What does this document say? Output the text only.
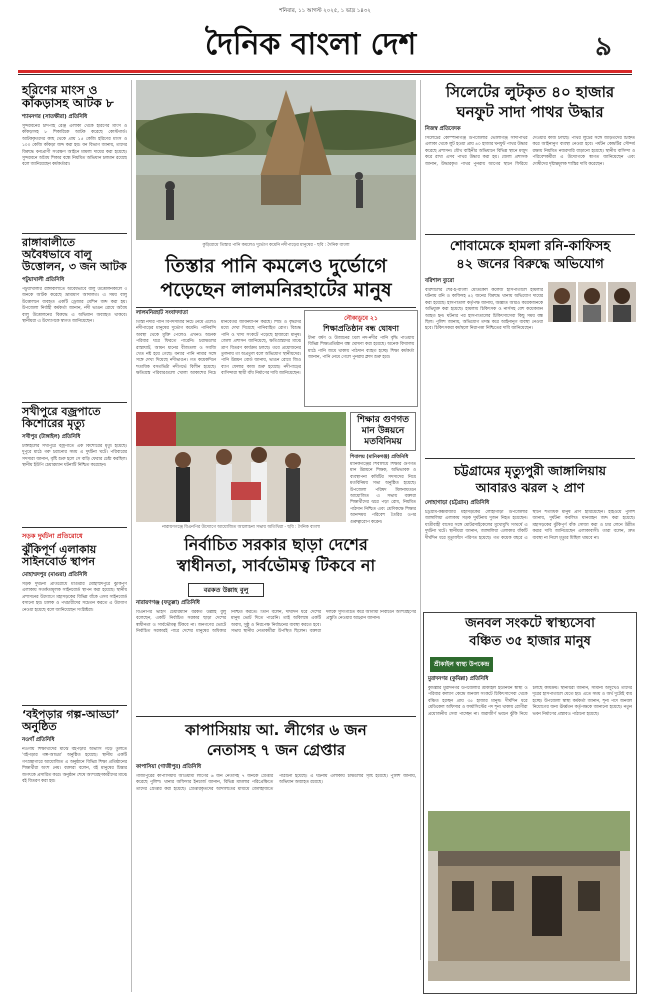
শনিবার, ১১ আগস্ট ২০২৫, ১ ভাদ্র ১৪৩২
দৈনিক বাংলা দেশ	৯
হরিণের মাংস ও কাঁকড়াসহ আটক ৮
শ্যামনগর (সাতক্ষীরা) প্রতিনিধি
সুন্দরবনের চাঁদপাই রেঞ্জ এলাকা থেকে হরিণের মাংস ও কাঁকড়াসহ ৮ শিকারিকে আটক করেছে কোস্টগার্ড। আটককৃতদের কাছ থেকে প্রায় ১৫ কেজি হরিণের মাংস ও ১০০ কেজি কাঁকড়া জব্দ করা হয়। বন বিভাগ জানায়, তাদের বিরুদ্ধে বন্যপ্রাণী সংরক্ষণ আইনে মামলা দায়ের করা হয়েছে। সুন্দরবনে অবৈধ শিকার বন্ধে নিয়মিত অভিযান চলমান রয়েছে বলে জানিয়েছেন কর্মকর্তারা।
রাঙ্গাবালীতে অবৈধভাবে বালু উত্তোলন, ৩ জন আটক
পটুয়াখালী প্রতিনিধি
পটুয়াখালীর রাঙ্গাবালীতে অবৈধভাবে বালু উত্তোলনকালে ৩ জনকে আটক করেছে ভ্রাম্যমাণ আদালত। এ সময় বালু উত্তোলনে ব্যবহৃত একটি ড্রেজার মেশিন জব্দ করা হয়। উপজেলা নির্বাহী কর্মকর্তা জানান, নদী ভাঙন রোধে অবৈধ বালু উত্তোলনের বিরুদ্ধে এ অভিযান অব্যাহত থাকবে। স্থানীয়রা এ উদ্যোগকে স্বাগত জানিয়েছেন।
সখীপুরে বজ্রপাতে কিশোরের মৃত্যু
সখীপুর (টাঙ্গাইল) প্রতিনিধি
টাঙ্গাইলের সখীপুরে বজ্রপাতে এক কিশোরের মৃত্যু হয়েছে। দুপুরে মাঠে গরু চরানোর সময় এ দুর্ঘটনা ঘটে। পরিবারের সদস্যরা জানান, বৃষ্টি শুরু হলে সে বাড়ি ফেরার চেষ্টা করছিল। স্থানীয় ইউপি চেয়ারম্যান ঘটনাটি নিশ্চিত করেছেন।
সড়ক দুর্ঘটনা প্রতিরোধে
ঝুঁকিপূর্ণ এলাকায় সাইনবোর্ড স্থাপন
মোহাম্মদপুর (মাগুরা) প্রতিনিধি
সড়ক দুর্ঘটনা প্রতিরোধে মাগুরার মোহাম্মদপুরে ঝুঁকিপূর্ণ এলাকায় সতর্কতামূলক সাইনবোর্ড স্থাপন করা হয়েছে। স্থানীয় প্রশাসনের উদ্যোগে মহাসড়কের বিভিন্ন বাঁকে এসব সাইনবোর্ড বসানো হয়। চালক ও পথচারীদের সচেতন করতে এ উদ্যোগ নেওয়া হয়েছে বলে জানিয়েছেন সংশ্লিষ্টরা।
‘বইপড়ার গল্প-আড্ডা’ অনুষ্ঠিত
নওগাঁ প্রতিনিধি
নওগাঁয় শিক্ষার্থীদের মাঝে বইপড়ার অভ্যাস গড়ে তুলতে ‘বইপড়ার গল্প-আড্ডা’ অনুষ্ঠিত হয়েছে। স্থানীয় একটি গণগ্রন্থাগারে আয়োজিত এ অনুষ্ঠানে বিভিন্ন শিক্ষা প্রতিষ্ঠানের শিক্ষার্থীরা অংশ নেয়। বক্তারা বলেন, বই মানুষের চিন্তার জগৎকে প্রসারিত করে। অনুষ্ঠান শেষে অংশগ্রহণকারীদের মাঝে বই বিতরণ করা হয়।
কুড়িগ্রামে তিস্তার পানি কমলেও দুর্ভোগ কমেনি নদীপাড়ের মানুষের - ছবি : দৈনিক বাংলা
তিস্তার পানি কমলেও দুর্ভোগে
পড়েছেন লালমনিরহাটের মানুষ
লালমনিরহাট সংবাদদাতা
তিস্তা নদীর পানি বিপদসীমার নিচে নেমে এলেও নদীপাড়ের মানুষের দুর্ভোগ কমেনি। পানিবন্দি অবস্থা থেকে মুক্তি পেলেও এখনও অনেক পরিবার ঘরে ফিরতে পারেনি। চরাঞ্চলের রাস্তাঘাট, আমন ধানের বীজতলা ও সবজি খেত নষ্ট হয়ে গেছে। বন্যার পানি নামার সঙ্গে সঙ্গে দেখা দিয়েছে নদীভাঙন। গত কয়েকদিনে শতাধিক বসতভিটা নদীগর্ভে বিলীন হয়েছে। ক্ষতিগ্রস্ত পরিবারগুলো খোলা আকাশের নিচে মানবেতর জীবনযাপন করছে। শিশু ও বৃদ্ধদের মধ্যে দেখা দিয়েছে পানিবাহিত রোগ। বিশুদ্ধ পানি ও খাদ্য সংকটে পড়েছে হাজারো মানুষ। জেলা প্রশাসন জানিয়েছে, ক্ষতিগ্রস্তদের মাঝে ত্রাণ বিতরণ কার্যক্রম চলছে। তবে প্রয়োজনের তুলনায় তা অপ্রতুল বলে অভিযোগ স্থানীয়দের। পানি উন্নয়ন বোর্ড জানায়, ভাঙন রোধে জিও ব্যাগ ফেলার কাজ শুরু হয়েছে। নদীপাড়ের বাসিন্দারা স্থায়ী বাঁধ নির্মাণের দাবি জানিয়েছেন।
নৌকাডুবে ২১
শিক্ষাপ্রতিষ্ঠান বন্ধ ঘোষণা
টানা বর্ষণ ও উজানের ঢলে নদ-নদীর পানি বৃদ্ধি পাওয়ায় বিভিন্ন শিক্ষাপ্রতিষ্ঠান বন্ধ ঘোষণা করা হয়েছে। অনেক বিদ্যালয় মাঠে পানি জমে থাকায় পাঠদান ব্যাহত হচ্ছে। শিক্ষা কর্মকর্তা জানান, পানি নেমে গেলে পুনরায় ক্লাস শুরু হবে।
নারায়ণগঞ্জে বিএনপির উদ্যোগে আয়োজিত আলোচনা সভায় অতিথিরা - ছবি : দৈনিক বাংলা
শিক্ষার গুণগত মান উন্নয়নে মতবিনিময়
শিবালয় (মানিকগঞ্জ) প্রতিনিধি
মানিকগঞ্জের শিবালয়ে শিক্ষার গুণগত মান উন্নয়নে শিক্ষক, অভিভাবক ও ব্যবস্থাপনা কমিটির সদস্যদের নিয়ে মতবিনিময় সভা অনুষ্ঠিত হয়েছে। উপজেলা পরিষদ মিলনায়তনে আয়োজিত এ সভায় বক্তারা শিক্ষার্থীদের ঝরে পড়া রোধ, নিয়মিত পাঠদান নিশ্চিত এবং শ্রেণিকক্ষে শিক্ষার আনন্দময় পরিবেশ তৈরির ওপর গুরুত্বারোপ করেন।
নির্বাচিত সরকার ছাড়া দেশের
স্বাধীনতা, সার্বভৌমত্ব টিকবে না
বরকত উল্লাহ বুলু
নারায়ণগঞ্জ (ফতুল্লা) প্রতিনিধি
বিএনপির ভাইস চেয়ারম্যান বরকত উল্লাহ বুলু বলেছেন, একটি নির্বাচিত সরকার ছাড়া দেশের স্বাধীনতা ও সার্বভৌমত্ব টিকবে না। জনগণের ভোটে নির্বাচিত সরকারই পারে দেশের মানুষের অধিকার নিশ্চিত করতে। তিনি বলেন, দীর্ঘদিন ধরে দেশের মানুষ ভোট দিতে পারেনি। তাই অবিলম্বে একটি অবাধ, সুষ্ঠু ও নিরপেক্ষ নির্বাচনের ব্যবস্থা করতে হবে। সভায় স্থানীয় নেতাকর্মীরা উপস্থিত ছিলেন। বক্তারা দলকে সুসংগঠিত করে আগামী নির্বাচনে অংশগ্রহণের প্রস্তুতি নেওয়ার আহ্বান জানান।
কাপাসিয়ায় আ. লীগের ৬ জন
নেতাসহ ৭ জন গ্রেপ্তার
কাপাসিয়া (গাজীপুর) প্রতিনিধি
গাজীপুরের কাপাসিয়ায় আওয়ামী লীগের ৬ জন নেতাসহ ৭ জনকে গ্রেপ্তার করেছে পুলিশ। থানার অফিসার ইনচার্জ জানান, বিভিন্ন মামলার পরিপ্রেক্ষিতে তাদের গ্রেপ্তার করা হয়েছে। গ্রেপ্তারকৃতদের আদালতের মাধ্যমে জেলহাজতে পাঠানো হয়েছে। এ ঘটনায় এলাকায় চাঞ্চল্যের সৃষ্টি হয়েছে। পুলিশ জানায়, অভিযান অব্যাহত রয়েছে।
সিলেটের লুটকৃত ৪০ হাজার
ঘনফুট সাদা পাথর উদ্ধার
নিজস্ব প্রতিবেদক
সিলেটের কোম্পানীগঞ্জ উপজেলার ভোলাগঞ্জ সাদাপাথর এলাকা থেকে লুট হওয়া প্রায় ৪০ হাজার ঘনফুট পাথর উদ্ধার করেছে প্রশাসন। যৌথ বাহিনীর অভিযানে বিভিন্ন স্থানে মজুদ করে রাখা এসব পাথর উদ্ধার করা হয়। জেলা প্রশাসক জানান, উদ্ধারকৃত পাথর পুনরায় আগের স্থানে ফিরিয়ে দেওয়ার কাজ চলছে। পাথর লুটের সঙ্গে জড়িতদের চিহ্নিত করে আইনানুগ ব্যবস্থা নেওয়া হবে। পর্যটন কেন্দ্রটির সৌন্দর্য রক্ষায় নিয়মিত নজরদারি বাড়ানো হয়েছে। স্থানীয় বাসিন্দা ও পরিবেশকর্মীরা এ উদ্যোগকে স্বাগত জানিয়েছেন এবং দোষীদের দৃষ্টান্তমূলক শাস্তির দাবি করেছেন।
শোবামেকে হামলা রনি-কাফিসহ
৪২ জনের বিরুদ্ধে অভিযোগ
বরিশাল ব্যুরো
বরিশালের শের-ই-বাংলা মেডিকেল কলেজ হাসপাতালে হামলার ঘটনায় রনি ও কাফিসহ ৪২ জনের বিরুদ্ধে থানায় অভিযোগ দায়ের করা হয়েছে। হাসপাতাল কর্তৃপক্ষ জানায়, অজ্ঞাত আরও কয়েকজনকে অভিযুক্ত করা হয়েছে। হামলায় চিকিৎসক ও নার্সসহ বেশ কয়েকজন আহত হন। ঘটনার পর হাসপাতালের চিকিৎসাসেবা কিছু সময় বন্ধ ছিল। পুলিশ জানায়, অভিযোগ তদন্ত করে আইনানুগ ব্যবস্থা নেওয়া হবে। চিকিৎসকরা কর্মস্থলে নিরাপত্তা নিশ্চিতের দাবি জানিয়েছেন।
চট্টগ্রামের মৃত্যুপুরী জাঙ্গালিয়ায়
আবারও ঝরল ২ প্রাণ
লোহাগাড়া (চট্টগ্রাম) প্রতিনিধি
চট্টগ্রাম-কক্সবাজার মহাসড়কের লোহাগাড়া উপজেলার জাঙ্গালিয়া এলাকায় সড়ক দুর্ঘটনায় দুজন নিহত হয়েছেন। যাত্রীবাহী বাসের সঙ্গে মোটরসাইকেলের মুখোমুখি সংঘর্ষে এ দুর্ঘটনা ঘটে। স্থানীয়রা জানান, জাঙ্গালিয়া এলাকার বাঁকটি দীর্ঘদিন ধরে মৃত্যুফাঁদে পরিণত হয়েছে। গত কয়েক বছরে এ স্থানে শতাধিক মানুষ প্রাণ হারিয়েছেন। হাইওয়ে পুলিশ জানায়, দুর্ঘটনা কবলিত যানবাহন জব্দ করা হয়েছে। মহাসড়কের ঝুঁকিপূর্ণ বাঁক সোজা করা ও চার লেনে উন্নীত করার দাবি জানিয়েছেন এলাকাবাসী। তারা বলেন, দ্রুত ব্যবস্থা না নিলে মৃত্যুর মিছিল থামবে না।
জনবল সংকটে স্বাস্থ্যসেবা
বঞ্চিত ৩৫ হাজার মানুষ
শ্রীকাইল স্বাস্থ্য উপকেন্দ্র
মুরাদনগর (কুমিল্লা) প্রতিনিধি
কুমিল্লার মুরাদনগর উপজেলার শ্রীকাইল ইউনিয়ন স্বাস্থ্য ও পরিবার কল্যাণ কেন্দ্রে জনবল সংকটে চিকিৎসাসেবা থেকে বঞ্চিত হচ্ছেন প্রায় ৩৫ হাজার মানুষ। দীর্ঘদিন ধরে মেডিকেল অফিসার ও ফার্মাসিস্টের পদ শূন্য থাকায় রোগীরা প্রয়োজনীয় সেবা পাচ্ছেন না। জরাজীর্ণ ভবনে ঝুঁকি নিয়ে চলছে কার্যক্রম। স্থানীয়রা জানান, সামান্য অসুখেও তাদের দূরের হাসপাতালে যেতে হয়। এতে সময় ও অর্থ দুটোই ব্যয় হচ্ছে। উপজেলা স্বাস্থ্য কর্মকর্তা জানান, শূন্য পদে জনবল নিয়োগের জন্য ঊর্ধ্বতন কর্তৃপক্ষকে জানানো হয়েছে। নতুন ভবন নির্মাণের প্রস্তাবও পাঠানো হয়েছে।
